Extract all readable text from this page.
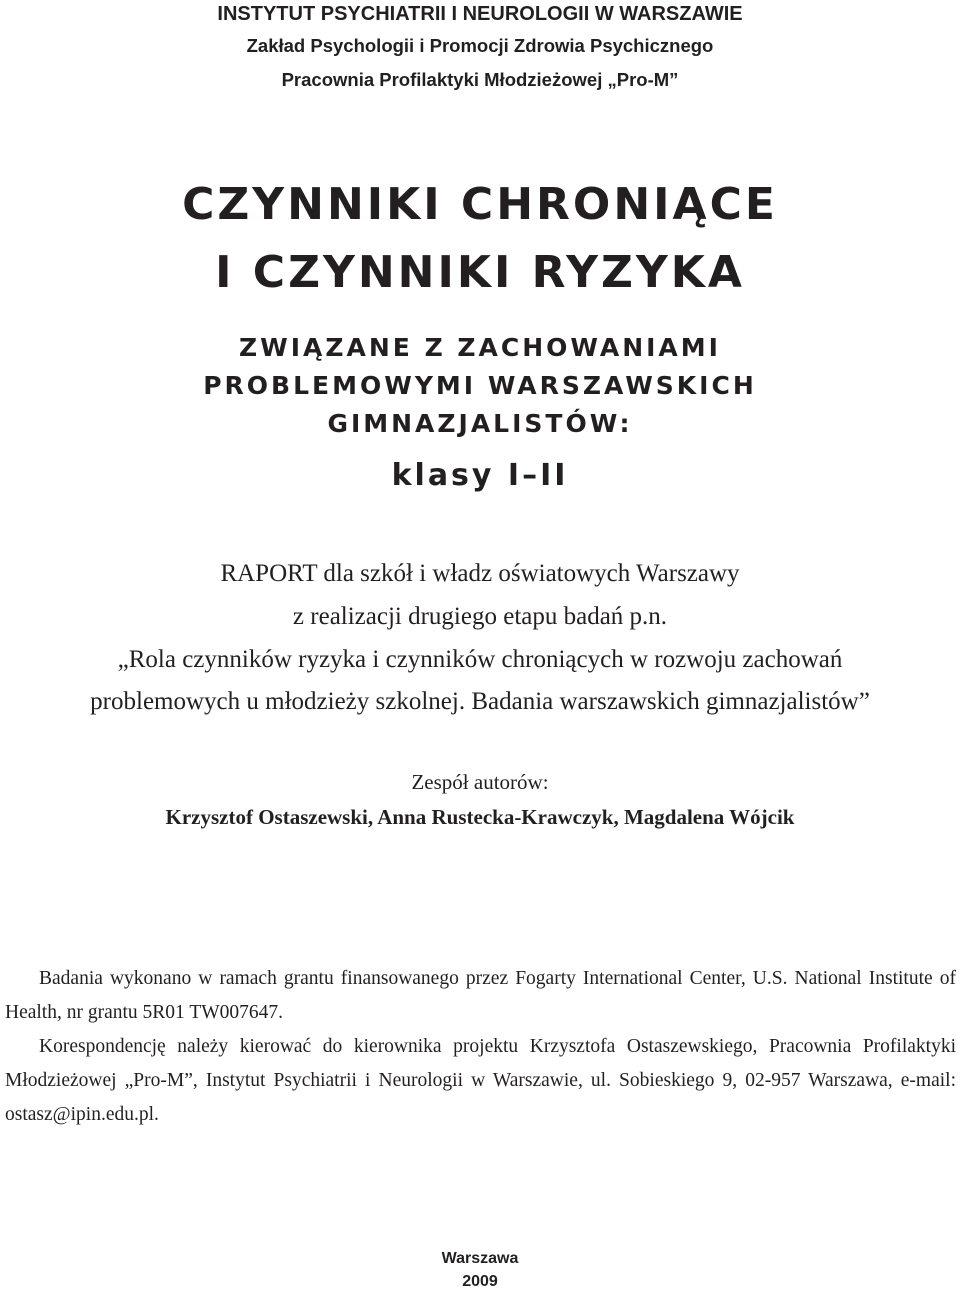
INSTYTUT PSYCHIATRII I NEUROLOGII W WARSZAWIE

Zakład Psychologii i Promocji Zdrowia Psychicznego

Pracownia Profilaktyki Młodzieżowej „Pro-M”

CZYNNIKI CHRONIĄCE
I CZYNNIKI RYZYKA
ZWIĄZANE Z ZACHOWANIAMI
PROBLEMOWYMI WARSZAWSKICH
GIMNAZJALISTÓW:
klasy I–II

RAPORT dla szkół i władz oświatowych Warszawy

z realizacji drugiego etapu badań p.n.

„Rola czynników ryzyka i czynników chroniących w rozwoju zachowań

problemowych u młodzieży szkolnej. Badania warszawskich gimnazjalistów”

Zespół autorów:

Krzysztof Ostaszewski, Anna Rustecka-Krawczyk, Magdalena Wójcik

Badania wykonano w ramach grantu finansowanego przez Fogarty International Center, U.S. National Institute of Health, nr grantu 5R01 TW007647.

Korespondencję należy kierować do kierownika projektu Krzysztofa Ostaszewskiego, Pracownia Profilaktyki Młodzieżowej „Pro-M”, Instytut Psychiatrii i Neurologii w Warszawie, ul. Sobieskiego 9, 02-957 Warszawa, e-mail: ostasz@ipin.edu.pl.

Warszawa

2009
